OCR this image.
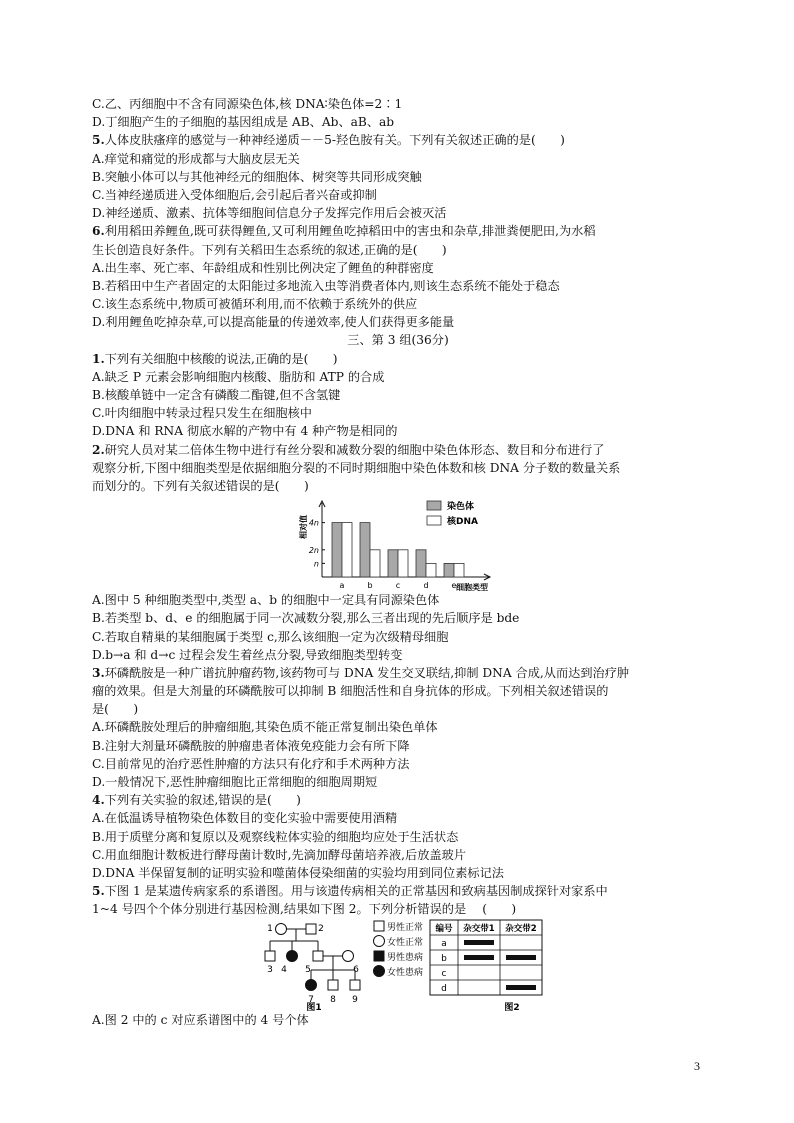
C.乙、丙细胞中不含有同源染色体,核 DNA∶染色体=2∶1
D.丁细胞产生的子细胞的基因组成是 AB、Ab、aB、ab
5.人体皮肤瘙痒的感觉与一种神经递质－－5-羟色胺有关。下列有关叙述正确的是(　　)
A.痒觉和痛觉的形成都与大脑皮层无关
B.突触小体可以与其他神经元的细胞体、树突等共同形成突触
C.当神经递质进入受体细胞后,会引起后者兴奋或抑制
D.神经递质、激素、抗体等细胞间信息分子发挥完作用后会被灭活
6.利用稻田养鲤鱼,既可获得鲤鱼,又可利用鲤鱼吃掉稻田中的害虫和杂草,排泄粪便肥田,为水稻
生长创造良好条件。下列有关稻田生态系统的叙述,正确的是(　　)
A.出生率、死亡率、年龄组成和性别比例决定了鲤鱼的种群密度
B.若稻田中生产者固定的太阳能过多地流入虫等消费者体内,则该生态系统不能处于稳态
C.该生态系统中,物质可被循环利用,而不依赖于系统外的供应
D.利用鲤鱼吃掉杂草,可以提高能量的传递效率,使人们获得更多能量
三、第 3 组(36分)
1.下列有关细胞中核酸的说法,正确的是(　　)
A.缺乏 P 元素会影响细胞内核酸、脂肪和 ATP 的合成
B.核酸单链中一定含有磷酸二酯键,但不含氢键
C.叶肉细胞中转录过程只发生在细胞核中
D.DNA 和 RNA 彻底水解的产物中有 4 种产物是相同的
2.研究人员对某二倍体生物中进行有丝分裂和减数分裂的细胞中染色体形态、数目和分布进行了
观察分析,下图中细胞类型是依据细胞分裂的不同时期细胞中染色体数和核 DNA 分子数的数量关系
而划分的。下列有关叙述错误的是(　　)
相对值
n
2n
4n
a	b	c	d	e 细胞类型
染色体
核DNA
A.图中 5 种细胞类型中,类型 a、b 的细胞中一定具有同源染色体
B.若类型 b、d、e 的细胞属于同一次减数分裂,那么三者出现的先后顺序是 bde
C.若取自精巢的某细胞属于类型 c,那么该细胞一定为次级精母细胞
D.b→a 和 d→c 过程会发生着丝点分裂,导致细胞类型转变
3.环磷酰胺是一种广谱抗肿瘤药物,该药物可与 DNA 发生交叉联结,抑制 DNA 合成,从而达到治疗肿
瘤的效果。但是大剂量的环磷酰胺可以抑制 B 细胞活性和自身抗体的形成。下列相关叙述错误的
是(　　)
A.环磷酰胺处理后的肿瘤细胞,其染色质不能正常复制出染色单体
B.注射大剂量环磷酰胺的肿瘤患者体液免疫能力会有所下降
C.目前常见的治疗恶性肿瘤的方法只有化疗和手术两种方法
D.一般情况下,恶性肿瘤细胞比正常细胞的细胞周期短
4.下列有关实验的叙述,错误的是(　　)
A.在低温诱导植物染色体数目的变化实验中需要使用酒精
B.用于质壁分离和复原以及观察线粒体实验的细胞均应处于生活状态
C.用血细胞计数板进行酵母菌计数时,先滴加酵母菌培养液,后放盖玻片
D.DNA 半保留复制的证明实验和噬菌体侵染细菌的实验均用到同位素标记法
5.下图 1 是某遗传病家系的系谱图。用与该遗传病相关的正常基因和致病基因制成探针对家系中
1~4 号四个个体分别进行基因检测,结果如下图 2。下列分析错误的是　 (　　)
1	2
3 4 5	6
7 8 9
男性正常
女性正常
男性患病
女性患病
图1	图2
编号 杂交带1 杂交带2
a
b
c
d
A.图 2 中的 c 对应系谱图中的 4 号个体
3
